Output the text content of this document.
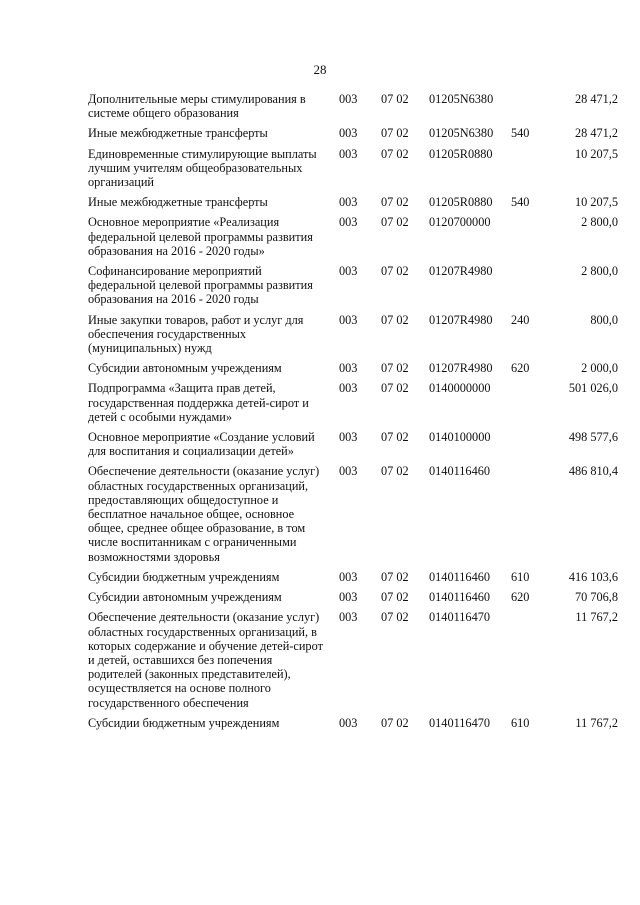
28
Дополнительные меры стимулирования в системе общего образования	003	07 02	01205N6380		28 471,2
Иные межбюджетные трансферты	003	07 02	01205N6380	540	28 471,2
Единовременные стимулирующие выплаты лучшим учителям общеобразовательных организаций	003	07 02	01205R0880		10 207,5
Иные межбюджетные трансферты	003	07 02	01205R0880	540	10 207,5
Основное мероприятие «Реализация федеральной целевой программы развития образования на 2016 - 2020 годы»	003	07 02	0120700000		2 800,0
Софинансирование мероприятий федеральной целевой программы развития образования на 2016 - 2020 годы	003	07 02	01207R4980		2 800,0
Иные закупки товаров, работ и услуг для обеспечения государственных (муниципальных) нужд	003	07 02	01207R4980	240	800,0
Субсидии автономным учреждениям	003	07 02	01207R4980	620	2 000,0
Подпрограмма «Защита прав детей, государственная поддержка детей-сирот и детей с особыми нуждами»	003	07 02	0140000000		501 026,0
Основное мероприятие «Создание условий для воспитания и социализации детей»	003	07 02	0140100000		498 577,6
Обеспечение деятельности (оказание услуг) областных государственных организаций, предоставляющих общедоступное и бесплатное начальное общее, основное общее, среднее общее образование, в том числе воспитанникам с ограниченными возможностями здоровья	003	07 02	0140116460		486 810,4
Субсидии бюджетным учреждениям	003	07 02	0140116460	610	416 103,6
Субсидии автономным учреждениям	003	07 02	0140116460	620	70 706,8
Обеспечение деятельности (оказание услуг) областных государственных организаций, в которых содержание и обучение детей-сирот и детей, оставшихся без попечения родителей (законных представителей), осуществляется на основе полного государственного обеспечения	003	07 02	0140116470		11 767,2
Субсидии бюджетным учреждениям	003	07 02	0140116470	610	11 767,2
